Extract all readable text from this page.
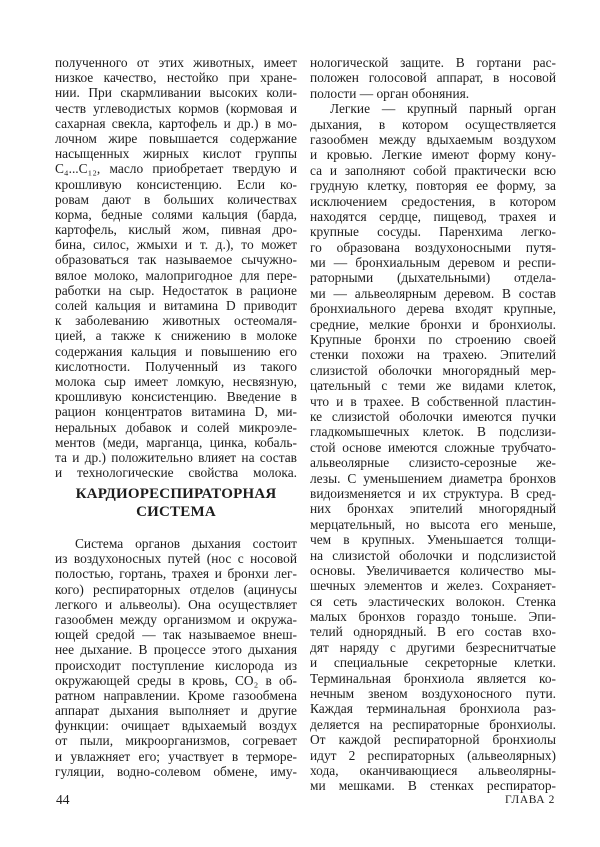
полученного от этих животных, имеет
низкое качество, нестойко при хране-
нии. При скармливании высоких коли-
честв углеводистых кормов (кормовая и
сахарная свекла, картофель и др.) в мо-
лочном жире повышается содержание
насыщенных жирных кислот группы
C₄...C₁₂, масло приобретает твердую и
крошливую консистенцию. Если ко-
ровам дают в больших количествах
корма, бедные солями кальция (барда,
картофель, кислый жом, пивная дро-
бина, силос, жмыхи и т. д.), то может
образоваться так называемое сычужно-
вялое молоко, малопригодное для пере-
работки на сыр. Недостаток в рационе
солей кальция и витамина D приводит
к заболеванию животных остеомаля-
цией, а также к снижению в молоке
содержания кальция и повышению его
кислотности. Полученный из такого
молока сыр имеет ломкую, несвязную,
крошливую консистенцию. Введение в
рацион концентратов витамина D, ми-
неральных добавок и солей микроэле-
ментов (меди, марганца, цинка, кобаль-
та и др.) положительно влияет на состав
и технологические свойства молока.
Система органов дыхания состоит
из воздухоносных путей (нос с носовой
полостью, гортань, трахея и бронхи лег-
кого) респираторных отделов (ацинусы
легкого и альвеолы). Она осуществляет
газообмен между организмом и окружа-
ющей средой — так называемое внеш-
нее дыхание. В процессе этого дыхания
происходит поступление кислорода из
окружающей среды в кровь, CO₂ в об-
ратном направлении. Кроме газообмена
аппарат дыхания выполняет и другие
функции: очищает вдыхаемый воздух
от пыли, микроорганизмов, согревает
и увлажняет его; участвует в терморе-
гуляции, водно-солевом обмене, иму-
КАРДИОРЕСПИРАТОРНАЯ
СИСТЕМА
нологической защите. В гортани рас-
положен голосовой аппарат, в носовой
полости — орган обоняния.
Легкие — крупный парный орган
дыхания, в котором осуществляется
газообмен между вдыхаемым воздухом
и кровью. Легкие имеют форму кону-
са и заполняют собой практически всю
грудную клетку, повторяя ее форму, за
исключением средостения, в котором
находятся сердце, пищевод, трахея и
крупные сосуды. Паренхима легко-
го образована воздухоносными путя-
ми — бронхиальным деревом и респи-
раторными (дыхательными) отдела-
ми — альвеолярным деревом. В состав
бронхиального дерева входят крупные,
средние, мелкие бронхи и бронхиолы.
Крупные бронхи по строению своей
стенки похожи на трахею. Эпителий
слизистой оболочки многорядный мер-
цательный с теми же видами клеток,
что и в трахее. В собственной пластин-
ке слизистой оболочки имеются пучки
гладкомышечных клеток. В подслизи-
стой основе имеются сложные трубчато-
альвеолярные слизисто-серозные же-
лезы. С уменьшением диаметра бронхов
видоизменяется и их структура. В сред-
них бронхах эпителий многорядный
мерцательный, но высота его меньше,
чем в крупных. Уменьшается толщи-
на слизистой оболочки и подслизистой
основы. Увеличивается количество мы-
шечных элементов и желез. Сохраняет-
ся сеть эластических волокон. Стенка
малых бронхов гораздо тоньше. Эпи-
телий однорядный. В его состав вхо-
дят наряду с другими безреснитчатые
и специальные секреторные клетки.
Терминальная бронхиола является ко-
нечным звеном воздухоносного пути.
Каждая терминальная бронхиола раз-
деляется на респираторные бронхиолы.
От каждой респираторной бронхиолы
идут 2 респираторных (альвеолярных)
хода, оканчивающиеся альвеолярны-
ми мешками. В стенках респиратор-
44	ГЛАВА 2
